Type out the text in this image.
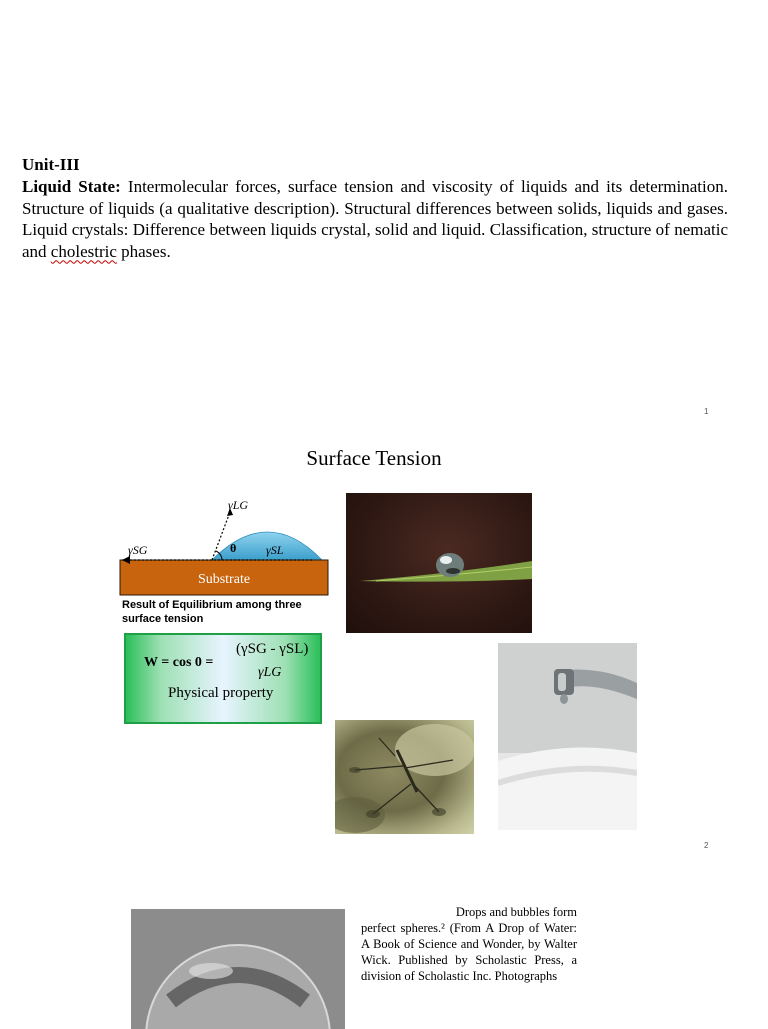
Unit-III
Liquid State: Intermolecular forces, surface tension and viscosity of liquids and its determination. Structure of liquids (a qualitative description). Structural differences between solids, liquids and gases. Liquid crystals: Difference between liquids crystal, solid and liquid. Classification, structure of nematic and cholestric phases.
1
Surface Tension
γLG
γSG	θ γSL
Substrate
Result of Equilibrium among three surface tension
W = cos 0 =
(γSG - γSL)
γLG
Physical property
2
Drops and bubbles form
perfect spheres.² (From A Drop of Water: A Book of Science and Wonder, by Walter Wick. Published by Scholastic Press, a division of Scholastic Inc. Photographs
